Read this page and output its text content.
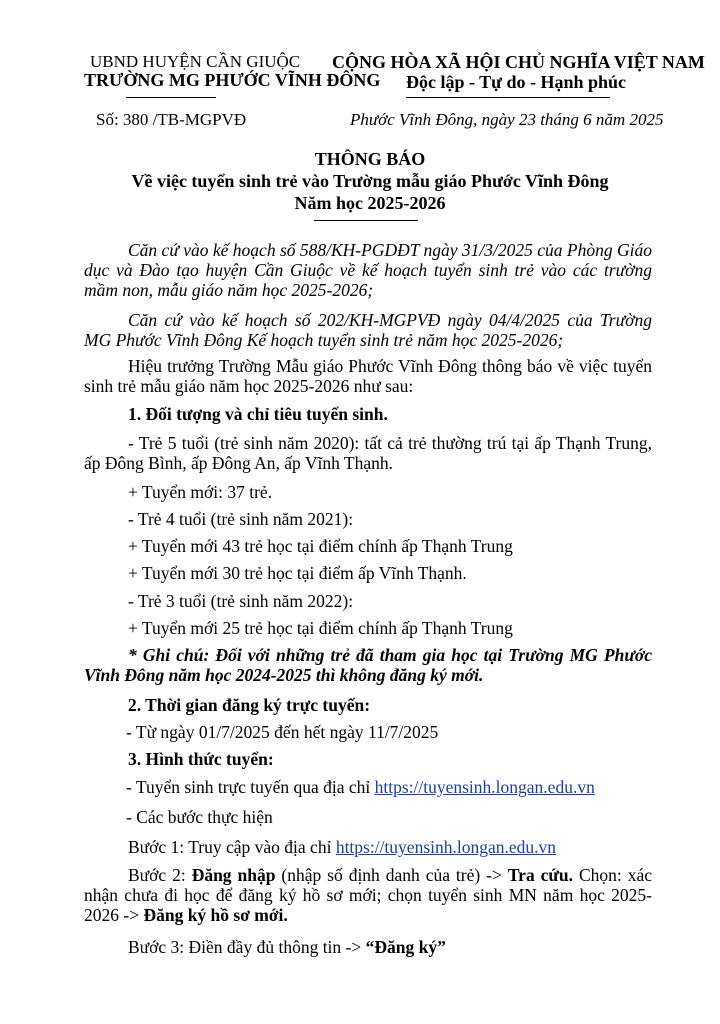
UBND HUYỆN CẦN GIUỘC
TRƯỜNG MG PHƯỚC VĨNH ĐÔNG
CỘNG HÒA XÃ HỘI CHỦ NGHĨA VIỆT NAM
Độc lập - Tự do - Hạnh phúc
Số: 380 /TB-MGPVĐ	Phước Vĩnh Đông, ngày 23 tháng 6 năm 2025
THÔNG BÁO
Về việc tuyển sinh trẻ vào Trường mẫu giáo Phước Vĩnh Đông
Năm học 2025-2026
Căn cứ vào kế hoạch số 588/KH-PGDĐT ngày 31/3/2025 của Phòng Giáo dục và Đào tạo huyện Cần Giuộc về kế hoạch tuyển sinh trẻ vào các trường mầm non, mẫu giáo năm học 2025-2026;
Căn cứ vào kế hoạch số 202/KH-MGPVĐ ngày 04/4/2025 của Trường MG Phước Vĩnh Đông Kế hoạch tuyển sinh trẻ năm học 2025-2026;
Hiệu trưởng Trường Mẫu giáo Phước Vĩnh Đông thông báo về việc tuyển sinh trẻ mẫu giáo năm học 2025-2026 như sau:
1. Đối tượng và chỉ tiêu tuyển sinh.
- Trẻ 5 tuổi (trẻ sinh năm 2020): tất cả trẻ thường trú tại ấp Thạnh Trung, ấp Đông Bình, ấp Đông An, ấp Vĩnh Thạnh.
+ Tuyển mới: 37 trẻ.
- Trẻ 4 tuổi (trẻ sinh năm 2021):
+ Tuyển mới 43 trẻ học tại điểm chính ấp Thạnh Trung
+ Tuyển mới 30 trẻ học tại điểm ấp Vĩnh Thạnh.
- Trẻ 3 tuổi (trẻ sinh năm 2022):
+ Tuyển mới 25 trẻ học tại điểm chính ấp Thạnh Trung
* Ghi chú: Đối với những trẻ đã tham gia học tại Trường MG Phước Vĩnh Đông năm học 2024-2025 thì không đăng ký mới.
2. Thời gian đăng ký trực tuyến:
- Từ ngày 01/7/2025 đến hết ngày 11/7/2025
3. Hình thức tuyển:
- Tuyển sinh trực tuyến qua địa chỉ https://tuyensinh.longan.edu.vn
- Các bước thực hiện
Bước 1: Truy cập vào địa chỉ https://tuyensinh.longan.edu.vn
Bước 2: Đăng nhập (nhập số định danh của trẻ) -> Tra cứu. Chọn: xác nhận chưa đi học để đăng ký hồ sơ mới; chọn tuyển sinh MN năm học 2025-2026 -> Đăng ký hồ sơ mới.
Bước 3: Điền đầy đủ thông tin -> “Đăng ký”
